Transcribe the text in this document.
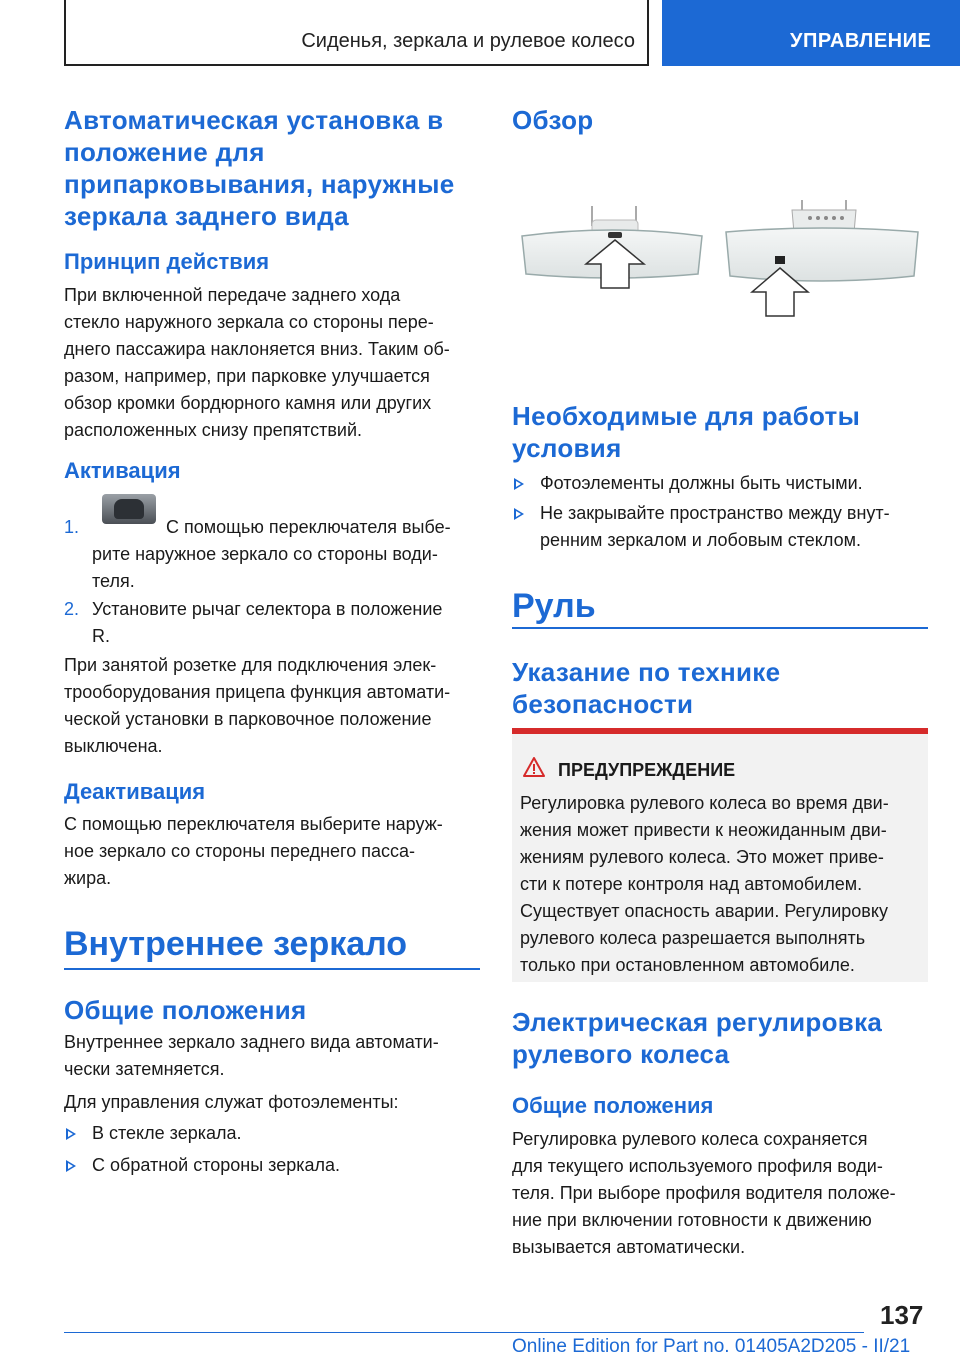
Сиденья, зеркала и рулевое колесо	УПРАВЛЕНИЕ
Автоматическая установка в
положение для
припарковывания, наружные
зеркала заднего вида
Принцип действия
При включенной передаче заднего хода
стекло наружного зеркала со стороны пере-
днего пассажира наклоняется вниз. Таким об-
разом, например, при парковке улучшается
обзор кромки бордюрного камня или других
расположенных снизу препятствий.
Активация
1.	С помощью переключателя выбе-
рите наружное зеркало со стороны води-
теля.
2. Установите рычаг селектора в положение
R.
При занятой розетке для подключения элек-
трооборудования прицепа функция автомати-
ческой установки в парковочное положение
выключена.
Деактивация
С помощью переключателя выберите наруж-
ное зеркало со стороны переднего пасса-
жира.
Внутреннее зеркало
Общие положения
Внутреннее зеркало заднего вида автомати-
чески затемняется.
Для управления служат фотоэлементы:
В стекле зеркала.
С обратной стороны зеркала.
Обзор
Необходимые для работы
условия
Фотоэлементы должны быть чистыми.
Не закрывайте пространство между внут-
ренним зеркалом и лобовым стеклом.
Руль
Указание по технике
безопасности
ПРЕДУПРЕЖДЕНИЕ
Регулировка рулевого колеса во время дви-
жения может привести к неожиданным дви-
жениям рулевого колеса. Это может приве-
сти к потере контроля над автомобилем.
Существует опасность аварии. Регулировку
рулевого колеса разрешается выполнять
только при остановленном автомобиле.
Электрическая регулировка
рулевого колеса
Общие положения
Регулировка рулевого колеса сохраняется
для текущего используемого профиля води-
теля. При выборе профиля водителя положе-
ние при включении готовности к движению
вызывается автоматически.
137
Online Edition for Part no. 01405A2D205 - II/21
